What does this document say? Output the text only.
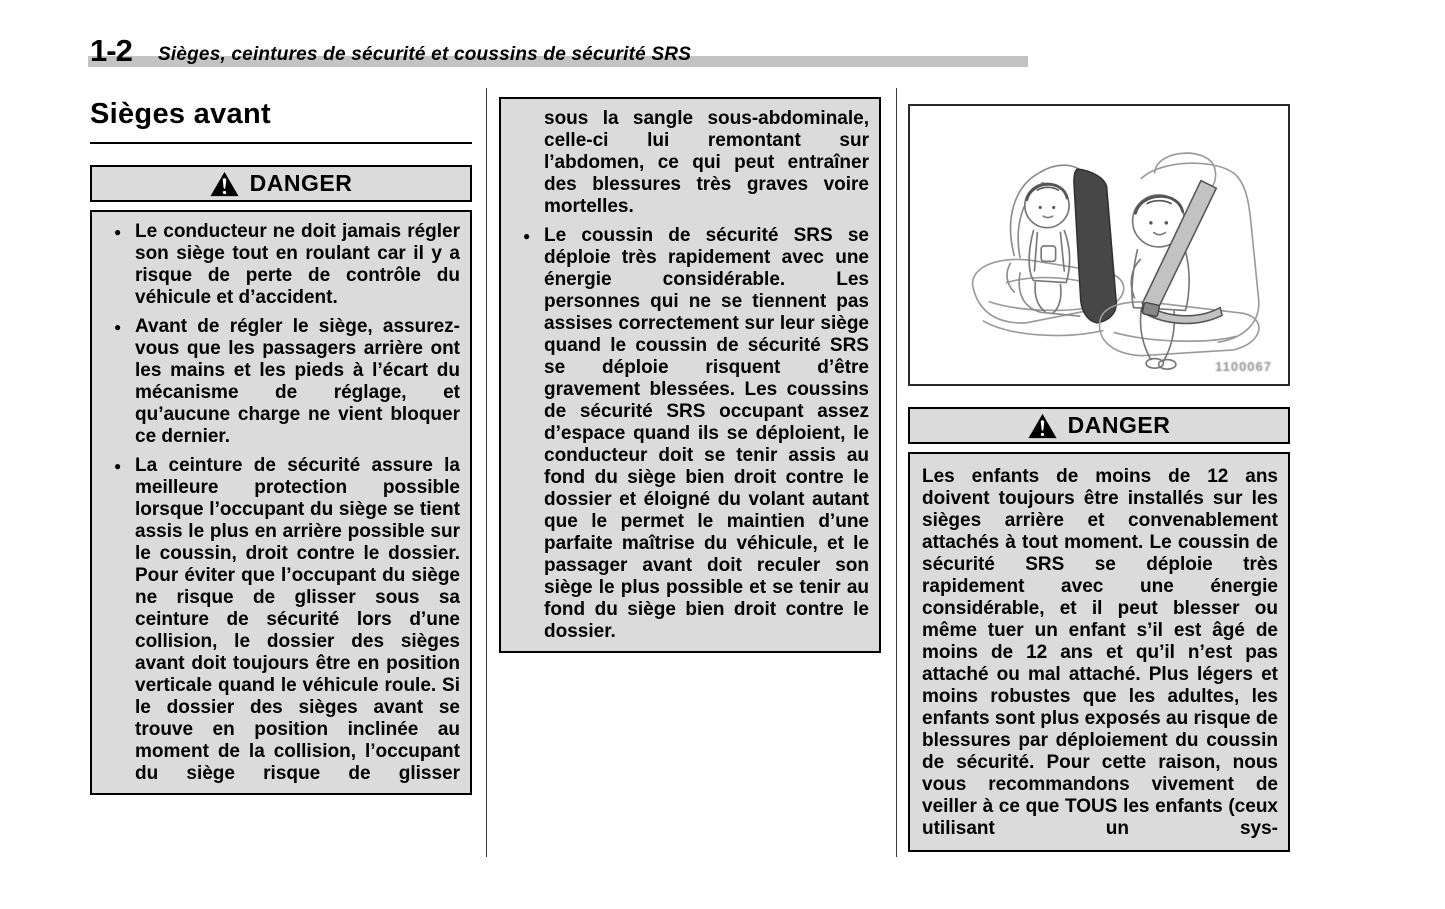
1-2 Sièges, ceintures de sécurité et coussins de sécurité SRS
Sièges avant
DANGER
● Le conducteur ne doit jamais régler son siège tout en roulant car il y a risque de perte de contrôle du véhicule et d’accident.

● Avant de régler le siège, assurez-vous que les passagers arrière ont les mains et les pieds à l’écart du mécanisme de réglage, et qu’aucune charge ne vient bloquer ce dernier.

● La ceinture de sécurité assure la meilleure protection possible lorsque l’occupant du siège se tient assis le plus en arrière possible sur le coussin, droit contre le dossier. Pour éviter que l’occupant du siège ne risque de glisser sous sa ceinture de sécurité lors d’une collision, le dossier des sièges avant doit toujours être en position verticale quand le véhicule roule. Si le dossier des sièges avant se trouve en position inclinée au moment de la collision, l’occupant du siège risque de glisser

sous la sangle sous-abdominale, celle-ci lui remontant sur l’abdomen, ce qui peut entraîner des blessures très graves voire mortelles.

● Le coussin de sécurité SRS se déploie très rapidement avec une énergie considérable. Les personnes qui ne se tiennent pas assises correctement sur leur siège quand le coussin de sécurité SRS se déploie risquent d’être gravement blessées. Les coussins de sécurité SRS occupant assez d’espace quand ils se déploient, le conducteur doit se tenir assis au fond du siège bien droit contre le dossier et éloigné du volant autant que le permet le maintien d’une parfaite maîtrise du véhicule, et le passager avant doit reculer son siège le plus possible et se tenir au fond du siège bien droit contre le dossier.

1100067
DANGER

Les enfants de moins de 12 ans doivent toujours être installés sur les sièges arrière et convenablement attachés à tout moment. Le coussin de sécurité SRS se déploie très rapidement avec une énergie considérable, et il peut blesser ou même tuer un enfant s’il est âgé de moins de 12 ans et qu’il n’est pas attaché ou mal attaché. Plus légers et moins robustes que les adultes, les enfants sont plus exposés au risque de blessures par déploiement du coussin de sécurité. Pour cette raison, nous vous recommandons vivement de veiller à ce que TOUS les enfants (ceux utilisant un sys-
